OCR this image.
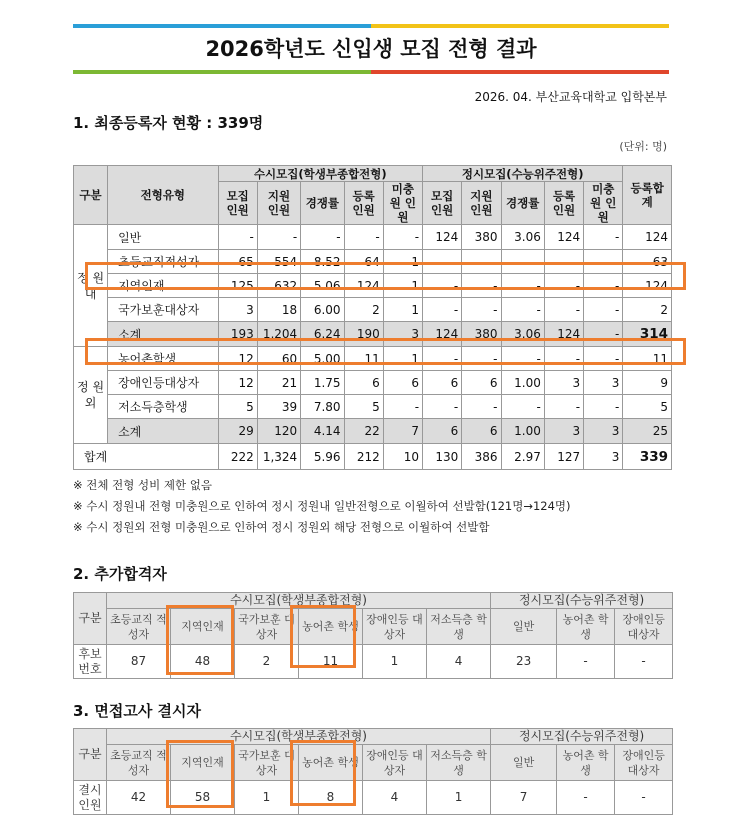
2026학년도 신입생 모집 전형 결과
2026. 04. 부산교육대학교 입학본부
1. 최종등록자 현황 : 339명
(단위: 명)
구분	전형유형	수시모집(학생부종합전형)					정시모집(수능위주전형)					등록합계
		모집 인원	지원 인원	경쟁률	등록 인원	미충원 인원	모집 인원	지원 인원	경쟁률	등록 인원	미충원 인원	
정 원 내	일반	-	-	-	-	-	124	380	3.06	124	-	124
	초등교직적성자	65	554	8.52	64	1	-	-	-	-	-	63
	지역인재	125	632	5.06	124	1	-	-	-	-	-	124
	국가보훈대상자	3	18	6.00	2	1	-	-	-	-	-	2
	소계	193	1,204	6.24	190	3	124	380	3.06	124	-	314
정 원 외	농어촌학생	12	60	5.00	11	1	-	-	-	-	-	11
	장애인등대상자	12	21	1.75	6	6	6	6	1.00	3	3	9
	저소득층학생	5	39	7.80	5	-	-	-	-	-	-	5
	소계	29	120	4.14	22	7	6	6	1.00	3	3	25
합계		222	1,324	5.96	212	10	130	386	2.97	127	3	339
※ 전체 전형 성비 제한 없음
※ 수시 정원내 전형 미충원으로 인하여 정시 정원내 일반전형으로 이월하여 선발함(121명→124명)
※ 수시 정원외 전형 미충원으로 인하여 정시 정원외 해당 전형으로 이월하여 선발함
2. 추가합격자
구분	수시모집(학생부종합전형)						정시모집(수능위주전형)		
	초등교직 적성자	지역인재	국가보훈 대상자	농어촌 학생	장애인등 대상자	저소득층 학생	일반	농어촌 학생	장애인등 대상자
후보 번호	87	48	2	11	1	4	23	-	-
3. 면접고사 결시자
구분	수시모집(학생부종합전형)						정시모집(수능위주전형)		
	초등교직 적성자	지역인재	국가보훈 대상자	농어촌 학생	장애인등 대상자	저소득층 학생	일반	농어촌 학생	장애인등 대상자
결시 인원	42	58	1	8	4	1	7	-	-
